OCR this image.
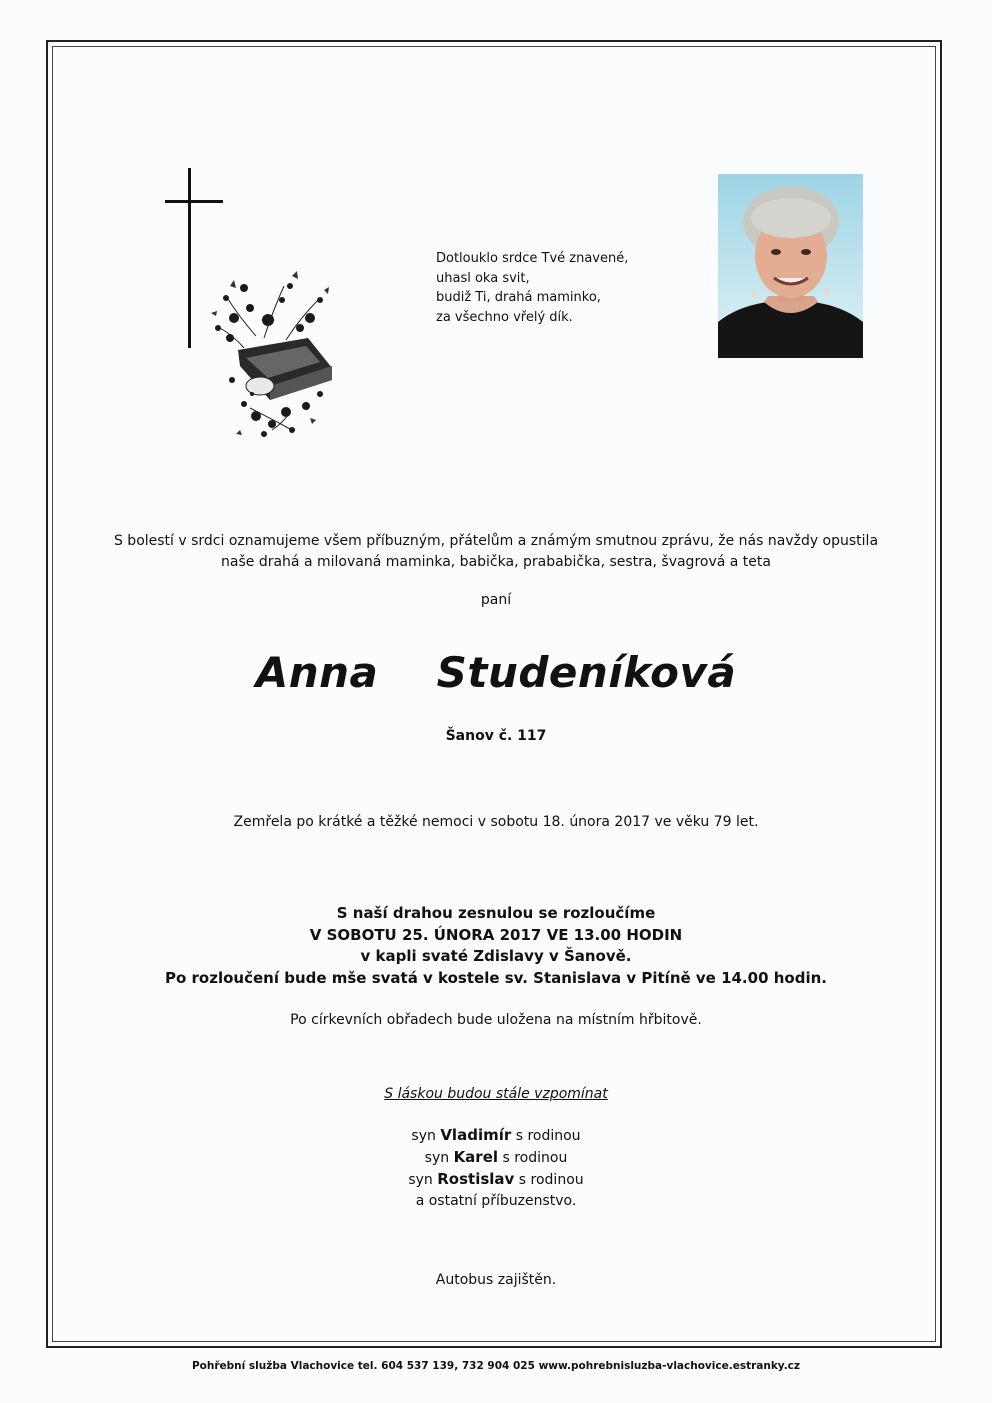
Dotlouklo srdce Tvé znavené,
uhasl oka svit,
budiž Ti, drahá maminko,
za všechno vřelý dík.
S bolestí v srdci oznamujeme všem příbuzným, přátelům a známým smutnou zprávu, že nás navždy opustila
naše drahá a milovaná maminka, babička, prababička, sestra, švagrová a teta
paní
Anna  Studeníková
Šanov č. 117
Zemřela po krátké a těžké nemoci v sobotu 18. února 2017 ve věku 79 let.
S naší drahou zesnulou se rozloučíme
V SOBOTU 25. ÚNORA 2017 VE 13.00 HODIN
v kapli svaté Zdislavy v Šanově.
Po rozloučení bude mše svatá v kostele sv. Stanislava v Pitíně ve 14.00 hodin.
Po církevních obřadech bude uložena na místním hřbitově.
S láskou budou stále vzpomínat
syn Vladimír s rodinou
syn Karel s rodinou
syn Rostislav s rodinou
a ostatní příbuzenstvo.
Autobus zajištěn.
Pohřební služba Vlachovice tel. 604 537 139, 732 904 025 www.pohrebnisluzba-vlachovice.estranky.cz
